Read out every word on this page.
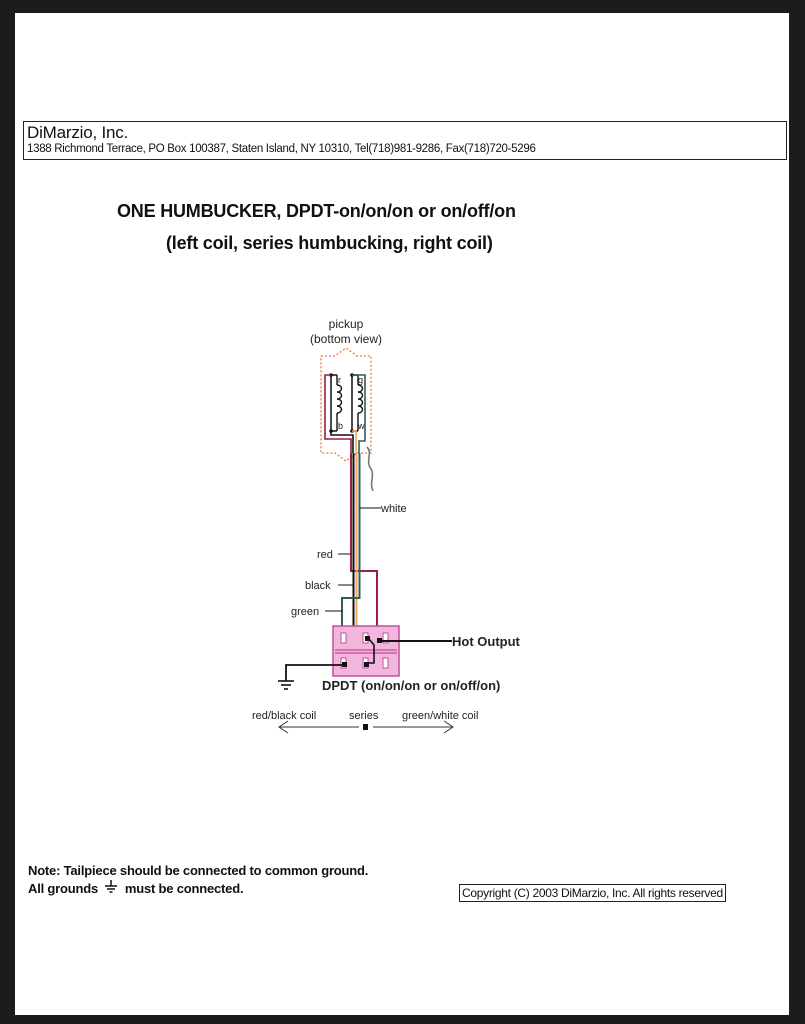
DiMarzio, Inc.
1388 Richmond Terrace, PO Box 100387, Staten Island, NY 10310, Tel(718)981-9286, Fax(718)720-5296
ONE HUMBUCKER, DPDT-on/on/on or on/off/on
(left coil, series humbucking, right coil)
pickup
(bottom view)
r
b
g
w
white
red
black
green
Hot Output
DPDT (on/on/on or on/off/on)
red/black coil	series green/white coil
Note: Tailpiece should be connected to common ground.
All grounds must be connected.	Copyright (C) 2003 DiMarzio, Inc. All rights reserved
